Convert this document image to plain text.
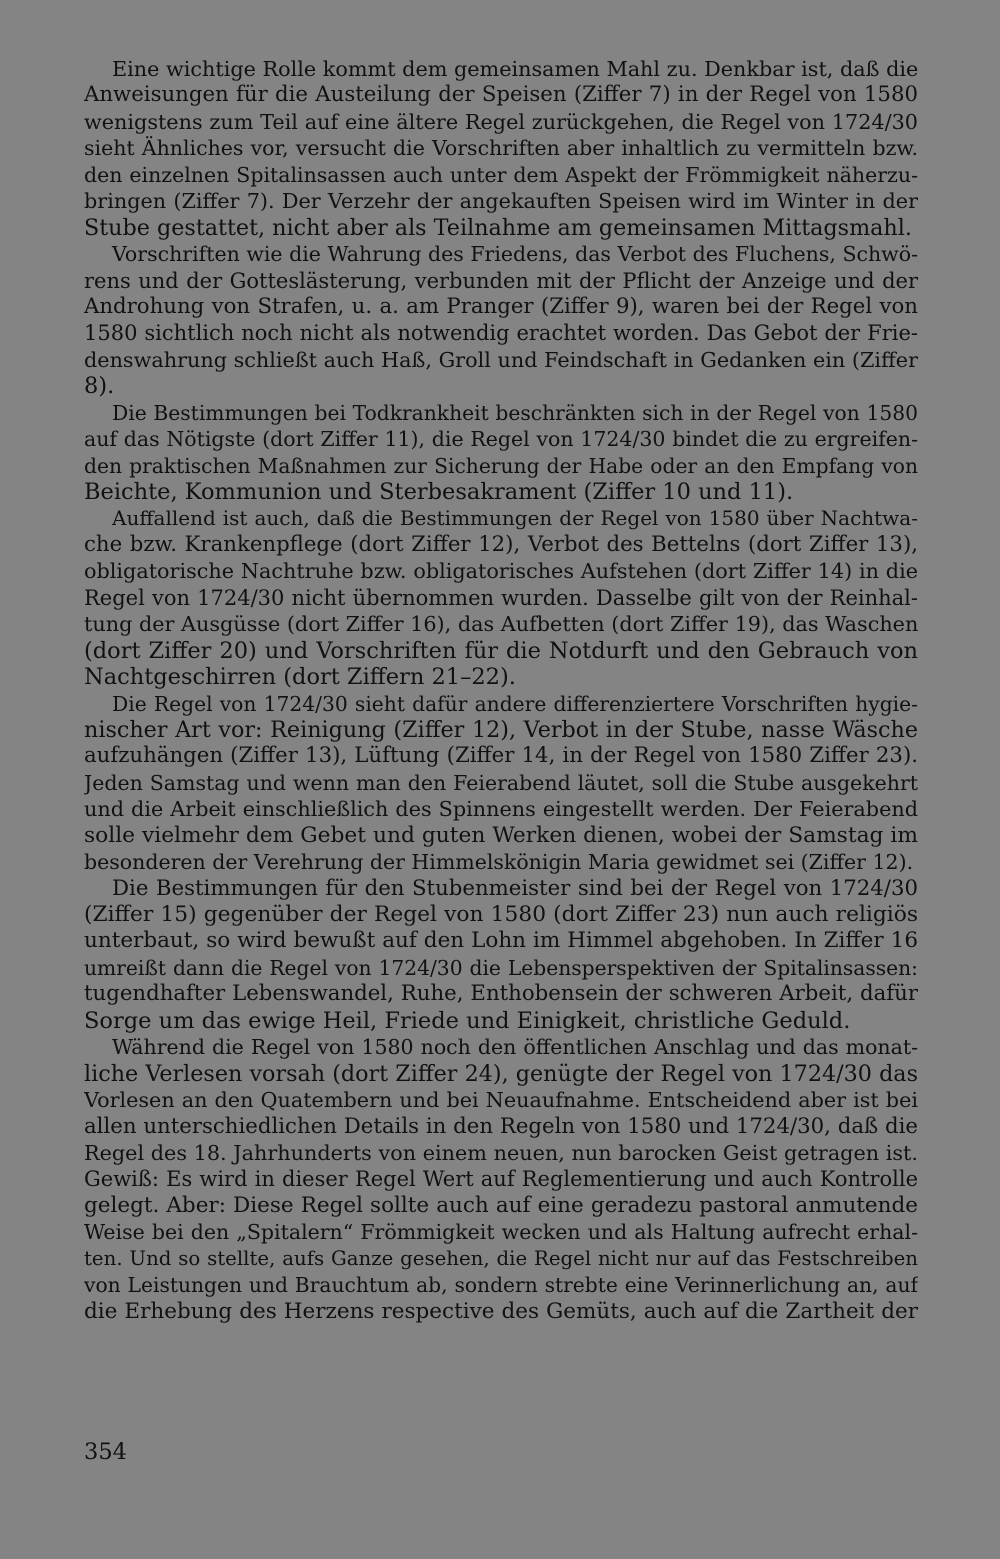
Eine wichtige Rolle kommt dem gemeinsamen Mahl zu. Denkbar ist, daß die
Anweisungen für die Austeilung der Speisen (Ziffer 7) in der Regel von 1580
wenigstens zum Teil auf eine ältere Regel zurückgehen, die Regel von 1724/30
sieht Ähnliches vor, versucht die Vorschriften aber inhaltlich zu vermitteln bzw.
den einzelnen Spitalinsassen auch unter dem Aspekt der Frömmigkeit näherzu-
bringen (Ziffer 7). Der Verzehr der angekauften Speisen wird im Winter in der
Stube gestattet, nicht aber als Teilnahme am gemeinsamen Mittagsmahl.
Vorschriften wie die Wahrung des Friedens, das Verbot des Fluchens, Schwö-
rens und der Gotteslästerung, verbunden mit der Pflicht der Anzeige und der
Androhung von Strafen, u. a. am Pranger (Ziffer 9), waren bei der Regel von
1580 sichtlich noch nicht als notwendig erachtet worden. Das Gebot der Frie-
denswahrung schließt auch Haß, Groll und Feindschaft in Gedanken ein (Ziffer
8).
Die Bestimmungen bei Todkrankheit beschränkten sich in der Regel von 1580
auf das Nötigste (dort Ziffer 11), die Regel von 1724/30 bindet die zu ergreifen-
den praktischen Maßnahmen zur Sicherung der Habe oder an den Empfang von
Beichte, Kommunion und Sterbesakrament (Ziffer 10 und 11).
Auffallend ist auch, daß die Bestimmungen der Regel von 1580 über Nachtwa-
che bzw. Krankenpflege (dort Ziffer 12), Verbot des Bettelns (dort Ziffer 13),
obligatorische Nachtruhe bzw. obligatorisches Aufstehen (dort Ziffer 14) in die
Regel von 1724/30 nicht übernommen wurden. Dasselbe gilt von der Reinhal-
tung der Ausgüsse (dort Ziffer 16), das Aufbetten (dort Ziffer 19), das Waschen
(dort Ziffer 20) und Vorschriften für die Notdurft und den Gebrauch von
Nachtgeschirren (dort Ziffern 21–22).
Die Regel von 1724/30 sieht dafür andere differenziertere Vorschriften hygie-
nischer Art vor: Reinigung (Ziffer 12), Verbot in der Stube, nasse Wäsche
aufzuhängen (Ziffer 13), Lüftung (Ziffer 14, in der Regel von 1580 Ziffer 23).
Jeden Samstag und wenn man den Feierabend läutet, soll die Stube ausgekehrt
und die Arbeit einschließlich des Spinnens eingestellt werden. Der Feierabend
solle vielmehr dem Gebet und guten Werken dienen, wobei der Samstag im
besonderen der Verehrung der Himmelskönigin Maria gewidmet sei (Ziffer 12).
Die Bestimmungen für den Stubenmeister sind bei der Regel von 1724/30
(Ziffer 15) gegenüber der Regel von 1580 (dort Ziffer 23) nun auch religiös
unterbaut, so wird bewußt auf den Lohn im Himmel abgehoben. In Ziffer 16
umreißt dann die Regel von 1724/30 die Lebensperspektiven der Spitalinsassen:
tugendhafter Lebenswandel, Ruhe, Enthobensein der schweren Arbeit, dafür
Sorge um das ewige Heil, Friede und Einigkeit, christliche Geduld.
Während die Regel von 1580 noch den öffentlichen Anschlag und das monat-
liche Verlesen vorsah (dort Ziffer 24), genügte der Regel von 1724/30 das
Vorlesen an den Quatembern und bei Neuaufnahme. Entscheidend aber ist bei
allen unterschiedlichen Details in den Regeln von 1580 und 1724/30, daß die
Regel des 18. Jahrhunderts von einem neuen, nun barocken Geist getragen ist.
Gewiß: Es wird in dieser Regel Wert auf Reglementierung und auch Kontrolle
gelegt. Aber: Diese Regel sollte auch auf eine geradezu pastoral anmutende
Weise bei den „Spitalern“ Frömmigkeit wecken und als Haltung aufrecht erhal-
ten. Und so stellte, aufs Ganze gesehen, die Regel nicht nur auf das Festschreiben
von Leistungen und Brauchtum ab, sondern strebte eine Verinnerlichung an, auf
die Erhebung des Herzens respective des Gemüts, auch auf die Zartheit der
354
